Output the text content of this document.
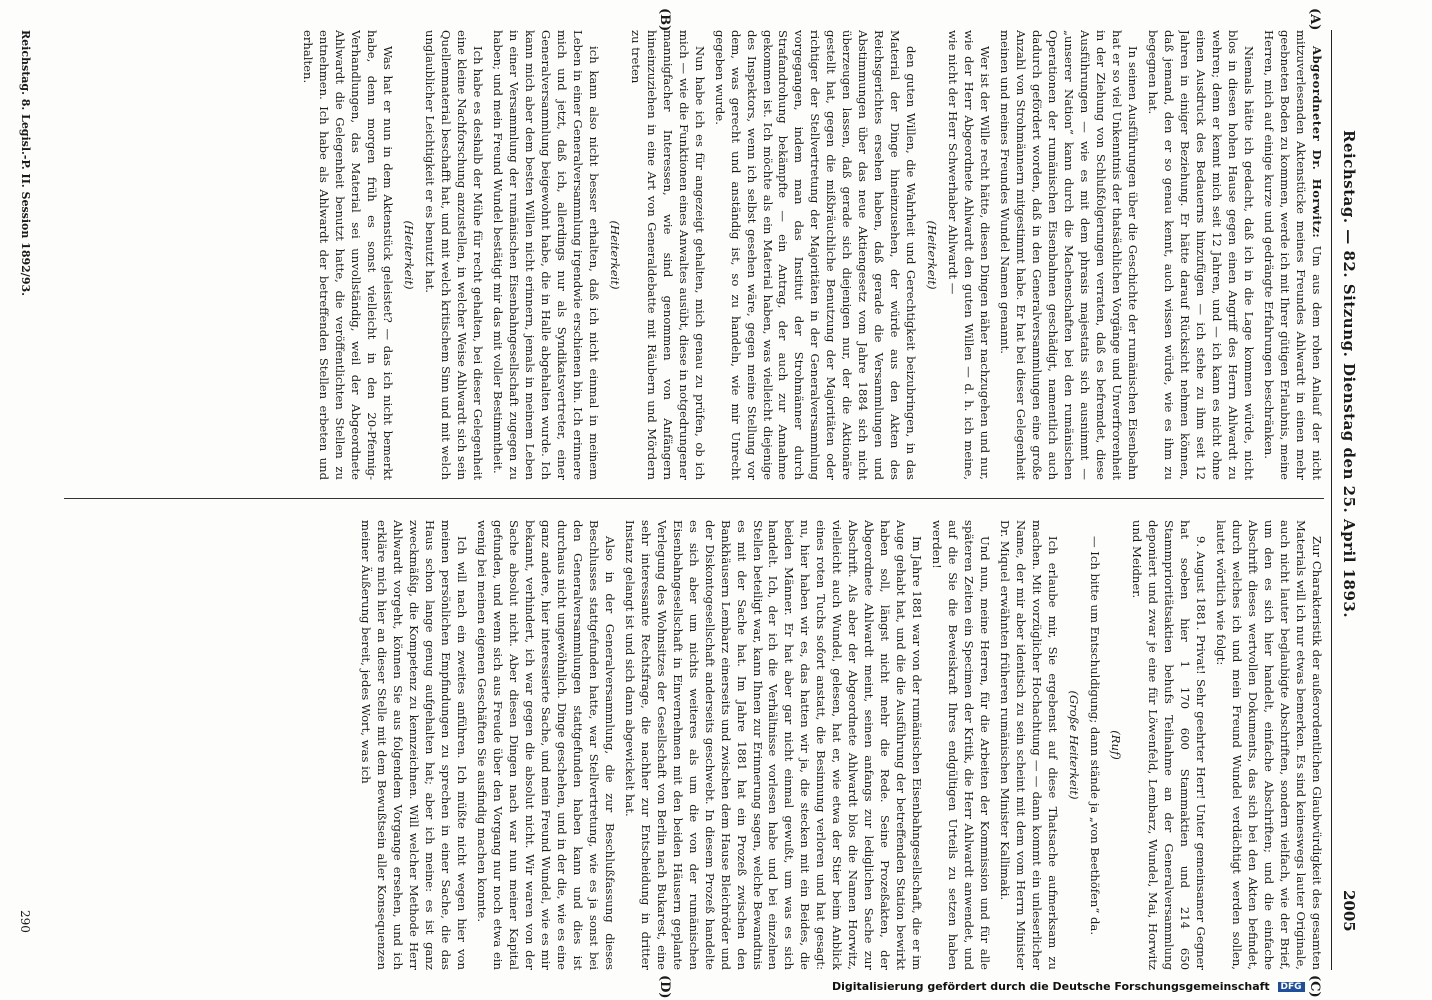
Reichstag. — 82. Sitzung. Dienstag den 25. April 1893.
2005
(A)
(B)
(C)
(D)

Abgeordneter Dr. Horwitz: Um aus dem rohen Anlauf der nicht mitzuverlesenden Aktenstücke meines Freundes Ahlwardt in einen mehr geebneten Boden zu kommen, werde ich mit Ihrer gütigen Erlaubnis, meine Herren, mich auf einige kurze und gedrängte Erfahrungen beschränken.

Niemals hätte ich gedacht, daß ich in die Lage kommen würde, nicht blos in diesen hohen Hause gegen einen Angriff des Herrn Ahlwardt zu wehren; denn er kennt mich seit 12 Jahren, und — ich kann es nicht ohne einen Ausdruck des Bedauerns hinzufügen — ich stehe zu ihm seit 12 Jahren in einiger Beziehung. Er hätte darauf Rücksicht nehmen können, daß jemand, den er so genau kennt, auch wissen würde, wie es ihm zu begegnen hat.

In seinen Ausführungen über die Geschichte der rumänischen Eisenbahn hat er so viel Unkenntnis der thatsächlichen Vorgänge und Unverfrorenheit in der Ziehung von Schlußfolgerungen verraten, daß es befremdet, diese Ausführungen — wie es mit dem phrasis majestatis sich ausnimmt — „unserer Nation“ kann durch die Machenschaften bei den rumänischen Operationen der rumänischen Eisenbahnen geschädigt, namentlich auch dadurch gefördert worden, daß in den Generalversammlungen eine große Anzahl von Strohmännern mitgestimmt habe. Er hat bei dieser Gelegenheit meinen und meines Freundes Wundel Namen genannt.

Wer ist der Wille recht hätte, diesen Dingen näher nachzugehen und nur, wie der Herr Abgeordnete Ahlwardt den guten Willen — d. h. ich meine, wie nicht der Herr Schwerhaber Ahlwardt —

(Heiterkeit)

den guten Willen, die Wahrheit und Gerechtigkeit beizubringen, in das Material der Dinge hineinzusehen, der würde aus den Akten des Reichsgerichtes ersehen haben, daß gerade die Versammlungen und Abstimmungen über das neue Aktiengesetz vom Jahre 1884 sich nicht überzeugen lassen, daß gerade sich diejenigen nur, der die Aktionäre gestellt hat, gegen die mißbräuchliche Benutzung der Majoritäten oder richtiger der Stellvertretung der Majoritäten in der Generalversammlung vorgegangen, indem man das Institut der Strohmänner durch Strafandrohung bekämpfte — ein Antrag, der auch zur Annahme gekommen ist. Ich möchte als ein Material haben, was vielleicht diejenige des Inspektors, wenn ich selbst gesehen wäre, gegen meine Stellung vor dem, was gerecht und anständig ist, so zu handeln, wie mir Unrecht gegeben wurde.

Nun habe ich es für angezeigt gehalten, mich genau zu prüfen, ob ich mich — wie die Funktionen eines Anwaltes ausübt, diese in notgedrungener mannigfacher Interessen, wie sind genommen von Anfängern hineinzuziehen in eine Art von Generaldebatte mit Räubern und Mördern zu treten

(Heiterkeit)

ich kann also nicht besser erhalten, daß ich nicht einmal in meinem Leben in einer Generalversammlung irgendwie erschienen bin. Ich erinnere mich und jetzt, daß ich, allerdings nur als Syndikatsvertreter, einer Generalversammlung beigewohnt habe, die in Halle abgehalten wurde. Ich kann mich aber dem besten Willen nicht erinnern, jemals in meinem Leben in einer Versammlung der rumänischen Eisenbahngesellschaft zugegen zu haben; und mein Freund Wundel bestätigt mir das mit voller Bestimmtheit.

Ich habe es deshalb der Mühe für recht gehalten, bei dieser Gelegenheit eine kleine Nachforschung anzustellen, in welcher Weise Ahlwardt sich sein Quellenmaterial beschafft hat, und mit welch kritischem Sinn und mit welch unglaublicher Leichtigkeit er es benutzt hat.

(Heiterkeit)

Was hat er nun in dem Aktenstück geleistet? — das ich nicht bemerkt habe, denn morgen früh es sonst vielleicht in den 20-Pfennig-Verhandlungen, das Material sei unvollständig, weil der Abgeordnete Ahlwardt die Gelegenheit benutzt hatte, die veröffentlichten Stellen zu entnehmen. Ich habe als Ahlwardt der betreffenden Stellen erbeten und erhalten.

Zur Charakteristik der außerordentlichen Glaubwürdigkeit des gesamten Materials will ich nur etwas bemerken. Es sind keineswegs lauter Originale, auch nicht lauter beglaubigte Abschriften, sondern vielfach, wie der Brief, um den es sich hier handelt, einfache Abschriften; und die einfache Abschrift dieses wertvollen Dokuments, das sich bei den Akten befindet, durch welches ich und mein Freund Wundel verdächtigt werden sollen, lautet wörtlich wie folgt:

9. August 1881. Privat! Sehr geehrter Herr! Unter gemeinsamer Gegner hat soeben hier 1 170 600 Stammaktien und 214 650 Stammprioritätsaktien behufs Teilnahme an der Generalversammlung deponiert und zwar je eine für Löwenfeld, Lembarz, Wundel, Mai, Horwitz und Meidner.

(Ruf)

— Ich bitte um Entschuldigung; dann stände ja „von Beethöfen“ da.

(Große Heiterkeit)

Ich erlaube mir, Sie ergebenst auf diese Thatsache aufmerksam zu machen. Mit vorzüglicher Hochachtung — — dann kommt ein unleserlicher Name, der mir aber identisch zu sein scheint mit dem vom Herrn Minister Dr. Miquel erwähnten früheren rumänischen Minister Kallimaki.

Und nun, meine Herren, für die Arbeiten der Kommission und für alle späteren Zeiten ein Specimen der Kritik, die Herr Ahlwardt anwendet, und auf die Sie die Beweiskraft Ihres endgültigen Urteils zu setzen haben werden!

Im Jahre 1881 war von der rumänischen Eisenbahngesellschaft, die er im Auge gehabt hat, und die die Ausführung der betreffenden Station bewirkt haben soll, längst nicht mehr die Rede. Seine Prozeßakten, der Abgeordnete Ahlwardt meint, seinen anfangs zur lediglichen Sache zur Abschrift. Als aber der Abgeordnete Ahlwardt blos die Namen Horwitz, vielleicht auch Wundel, gelesen, hat er, wie etwa der Stier beim Anblick eines roten Tuchs sofort anstatt, die Besinnung verloren und hat gesagt: nu, hier haben wir es, das hatten wir ja, die stecken mit ein Beides, die beiden Männer. Er hat aber gar nicht einmal gewußt, um was es sich handelt. Ich, der ich die Verhältnisse vorlesen habe und bei einzelnen Stellen beteiligt war, kann Ihnen zur Erinnerung sagen, welche Bewandtnis es mit der Sache hat. Im Jahre 1881 hat ein Prozeß zwischen den Bankhäusern Lembarz einerseits und zwischen dem Hause Bleichröder und der Diskontogesellschaft anderseits geschwebt. In diesem Prozeß handelte es sich aber um nichts weiteres als um die von der rumänischen Eisenbahngesellschaft in Einvernehmen mit den beiden Häusern geplante Verlegung des Wohnsitzes der Gesellschaft von Berlin nach Bukarest, eine sehr interessante Rechtsfrage, die nachher zur Entscheidung in dritter Instanz gelangt ist und sich dann abgewickelt hat.

Also in der Generalversammlung, die zur Beschlußfassung dieses Beschlusses stattgefunden hatte, war Stellvertretung, wie es ja sonst bei den Generalversammlungen stattgefunden haben kann und dies ist durchaus nicht ungewöhnlich. Dinge geschehen, und in der die, wie es eine ganz andere, hier interessierte Sache, und mein Freund Wundel, wie es mir bekannt, verhindert, ich war gegen die absolut nicht. Wir waren von der Sache absolut nicht. Aber diesen Dingen nach war nun meiner Kapital gefunden, und wenn sich aus Freude über den Vorgang nur noch etwa ein wenig bei meinen eigenen Geschäften Sie ausfindig machen konnte.

Ich will nach ein zweites anführen. Ich müßte nicht wegen hier von meinen persönlichen Empfindungen zu sprechen in einer Sache, die das Haus schon lange genug aufgehalten hat; aber ich meine: es ist ganz zweckmäßig, die Kompetenz zu kennzeichnen. Will welcher Methode Herr Ahlwardt vorgeht, können Sie aus folgendem Vorgange ersehen, und ich erkläre mich hier an dieser Stelle mit dem Bewußtsein aller Konsequenzen meiner Äußerung bereit, jedes Wort, was ich

Reichstag. 8. Legisl.-P. II. Session 1892/93.
290
Digitalisierung gefördert durch die Deutsche Forschungsgemeinschaft DFG
